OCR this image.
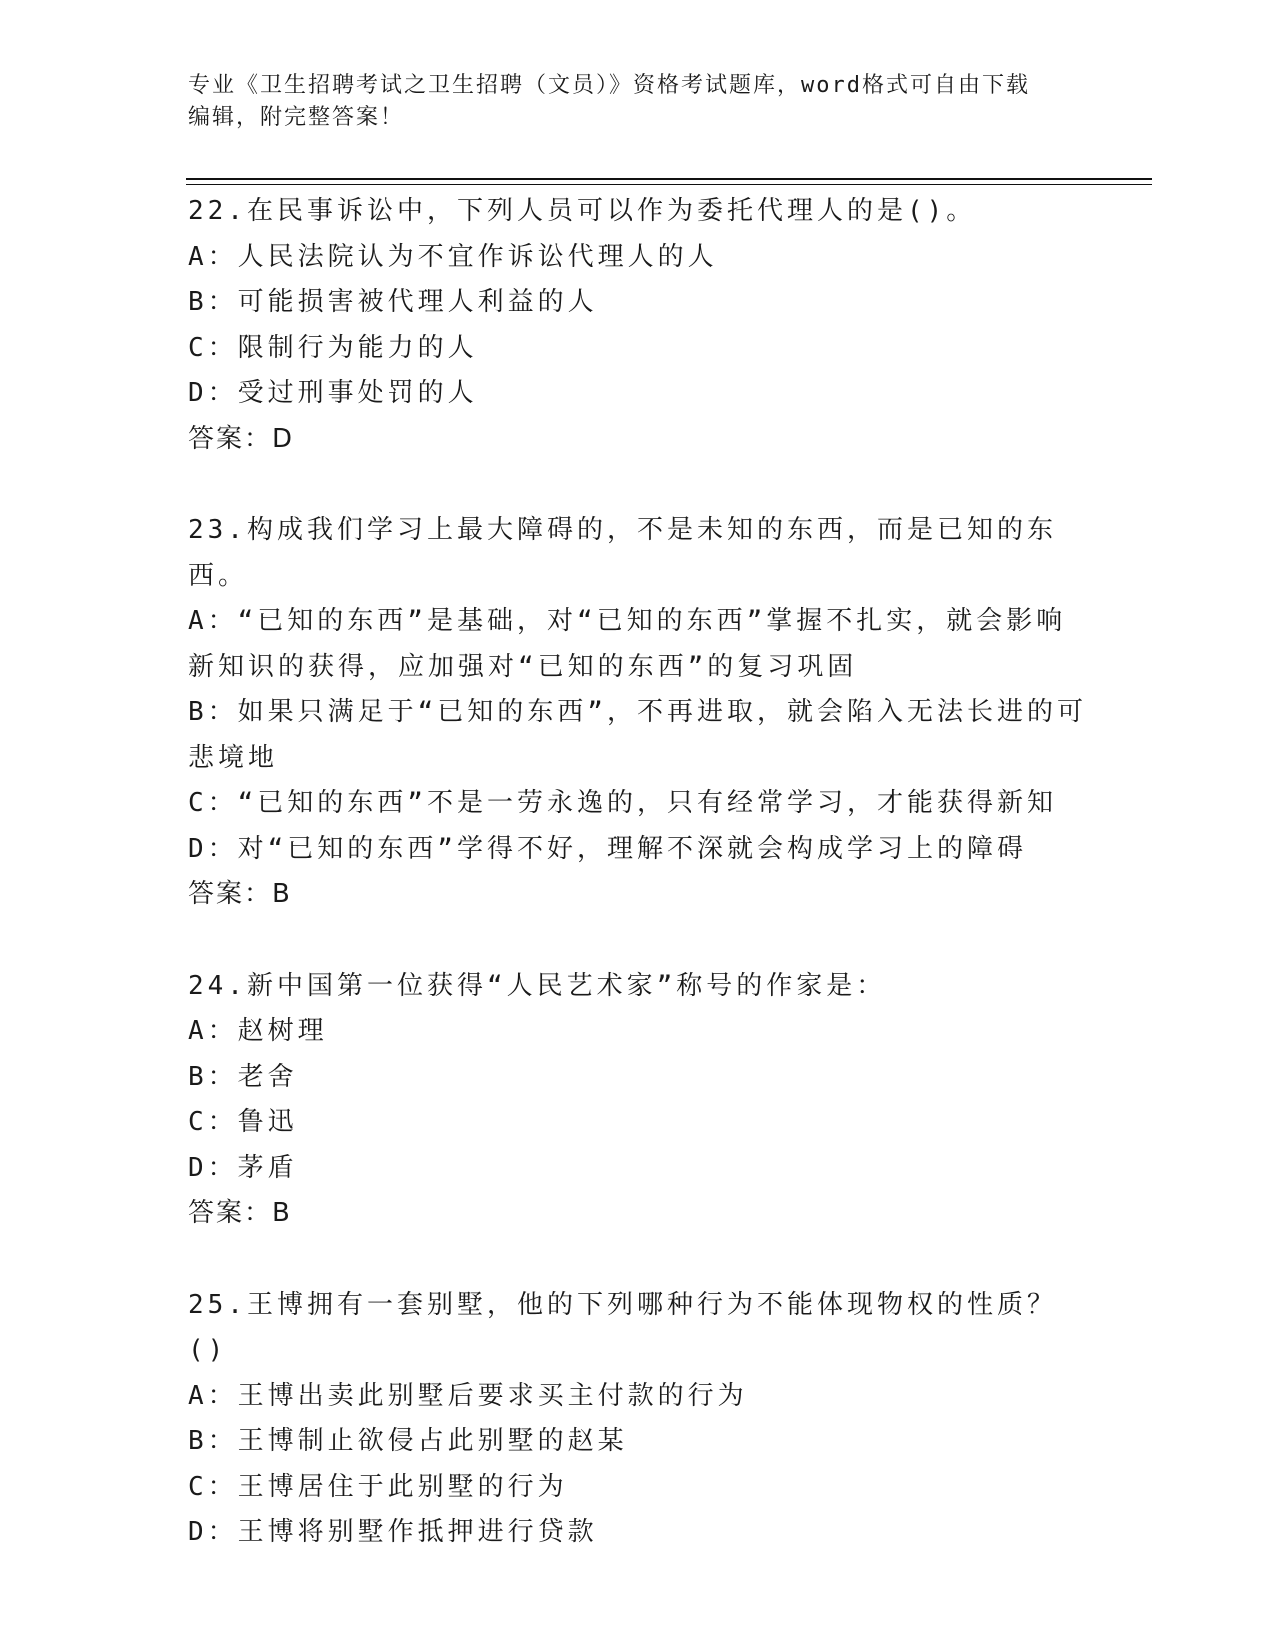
专业《卫生招聘考试之卫生招聘（文员）》资格考试题库，word格式可自由下载
编辑，附完整答案！

22.在民事诉讼中，下列人员可以作为委托代理人的是()。

A：人民法院认为不宜作诉讼代理人的人

B：可能损害被代理人利益的人

C：限制行为能力的人

D：受过刑事处罚的人

答案：D

23.构成我们学习上最大障碍的，不是未知的东西，而是已知的东西。

A：“已知的东西”是基础，对“已知的东西”掌握不扎实，就会影响新知识的获得，应加强对“已知的东西”的复习巩固

B：如果只满足于“已知的东西”，不再进取，就会陷入无法长进的可悲境地

C：“已知的东西”不是一劳永逸的，只有经常学习，才能获得新知

D：对“已知的东西”学得不好，理解不深就会构成学习上的障碍

答案：B

24.新中国第一位获得“人民艺术家”称号的作家是：

A：赵树理

B：老舍

C：鲁迅

D：茅盾

答案：B

25.王博拥有一套别墅，他的下列哪种行为不能体现物权的性质？()

A：王博出卖此别墅后要求买主付款的行为

B：王博制止欲侵占此别墅的赵某

C：王博居住于此别墅的行为

D：王博将别墅作抵押进行贷款
